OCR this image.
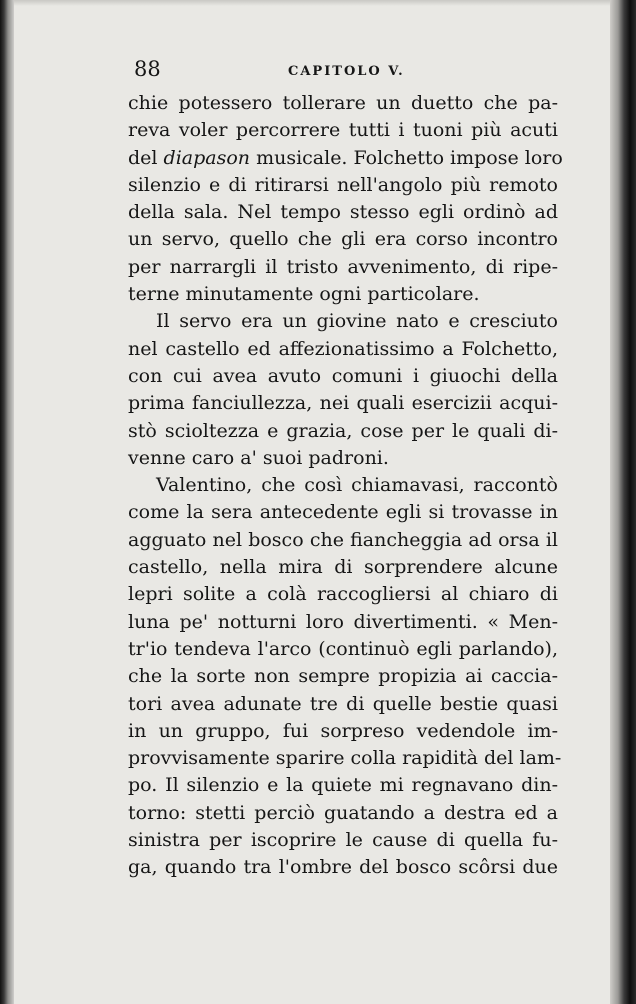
88	CAPITOLO V.
chie potessero tollerare un duetto che pa-
reva voler percorrere tutti i tuoni più acuti
del diapason musicale. Folchetto impose loro
silenzio e di ritirarsi nell'angolo più remoto
della sala. Nel tempo stesso egli ordinò ad
un servo, quello che gli era corso incontro
per narrargli il tristo avvenimento, di ripe-
terne minutamente ogni particolare.
Il servo era un giovine nato e cresciuto
nel castello ed affezionatissimo a Folchetto,
con cui avea avuto comuni i giuochi della
prima fanciullezza, nei quali esercizii acqui-
stò scioltezza e grazia, cose per le quali di-
venne caro a' suoi padroni.
Valentino, che così chiamavasi, raccontò
come la sera antecedente egli si trovasse in
agguato nel bosco che fiancheggia ad orsa il
castello, nella mira di sorprendere alcune
lepri solite a colà raccogliersi al chiaro di
luna pe' notturni loro divertimenti. « Men-
tr'io tendeva l'arco (continuò egli parlando),
che la sorte non sempre propizia ai caccia-
tori avea adunate tre di quelle bestie quasi
in un gruppo, fui sorpreso vedendole im-
provvisamente sparire colla rapidità del lam-
po. Il silenzio e la quiete mi regnavano din-
torno: stetti perciò guatando a destra ed a
sinistra per iscoprire le cause di quella fu-
ga, quando tra l'ombre del bosco scôrsi due
